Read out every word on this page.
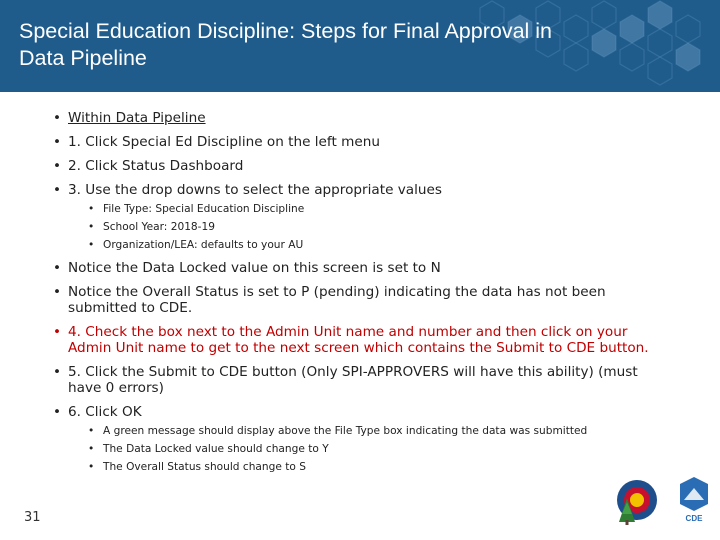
Special Education Discipline: Steps for Final Approval in Data Pipeline
• Within Data Pipeline
• 1. Click Special Ed Discipline on the left menu
• 2. Click Status Dashboard
• 3. Use the drop downs to select the appropriate values
• File Type: Special Education Discipline
• School Year: 2018-19
• Organization/LEA: defaults to your AU
• Notice the Data Locked value on this screen is set to N
• Notice the Overall Status is set to P (pending) indicating the data has not been submitted to CDE.
• 4. Check the box next to the Admin Unit name and number and then click on your Admin Unit name to get to the next screen which contains the Submit to CDE button.
• 5. Click the Submit to CDE button (Only SPI-APPROVERS will have this ability) (must have 0 errors)
• 6. Click OK
• A green message should display above the File Type box indicating the data was submitted
• The Data Locked value should change to Y
• The Overall Status should change to S
31	CDE
